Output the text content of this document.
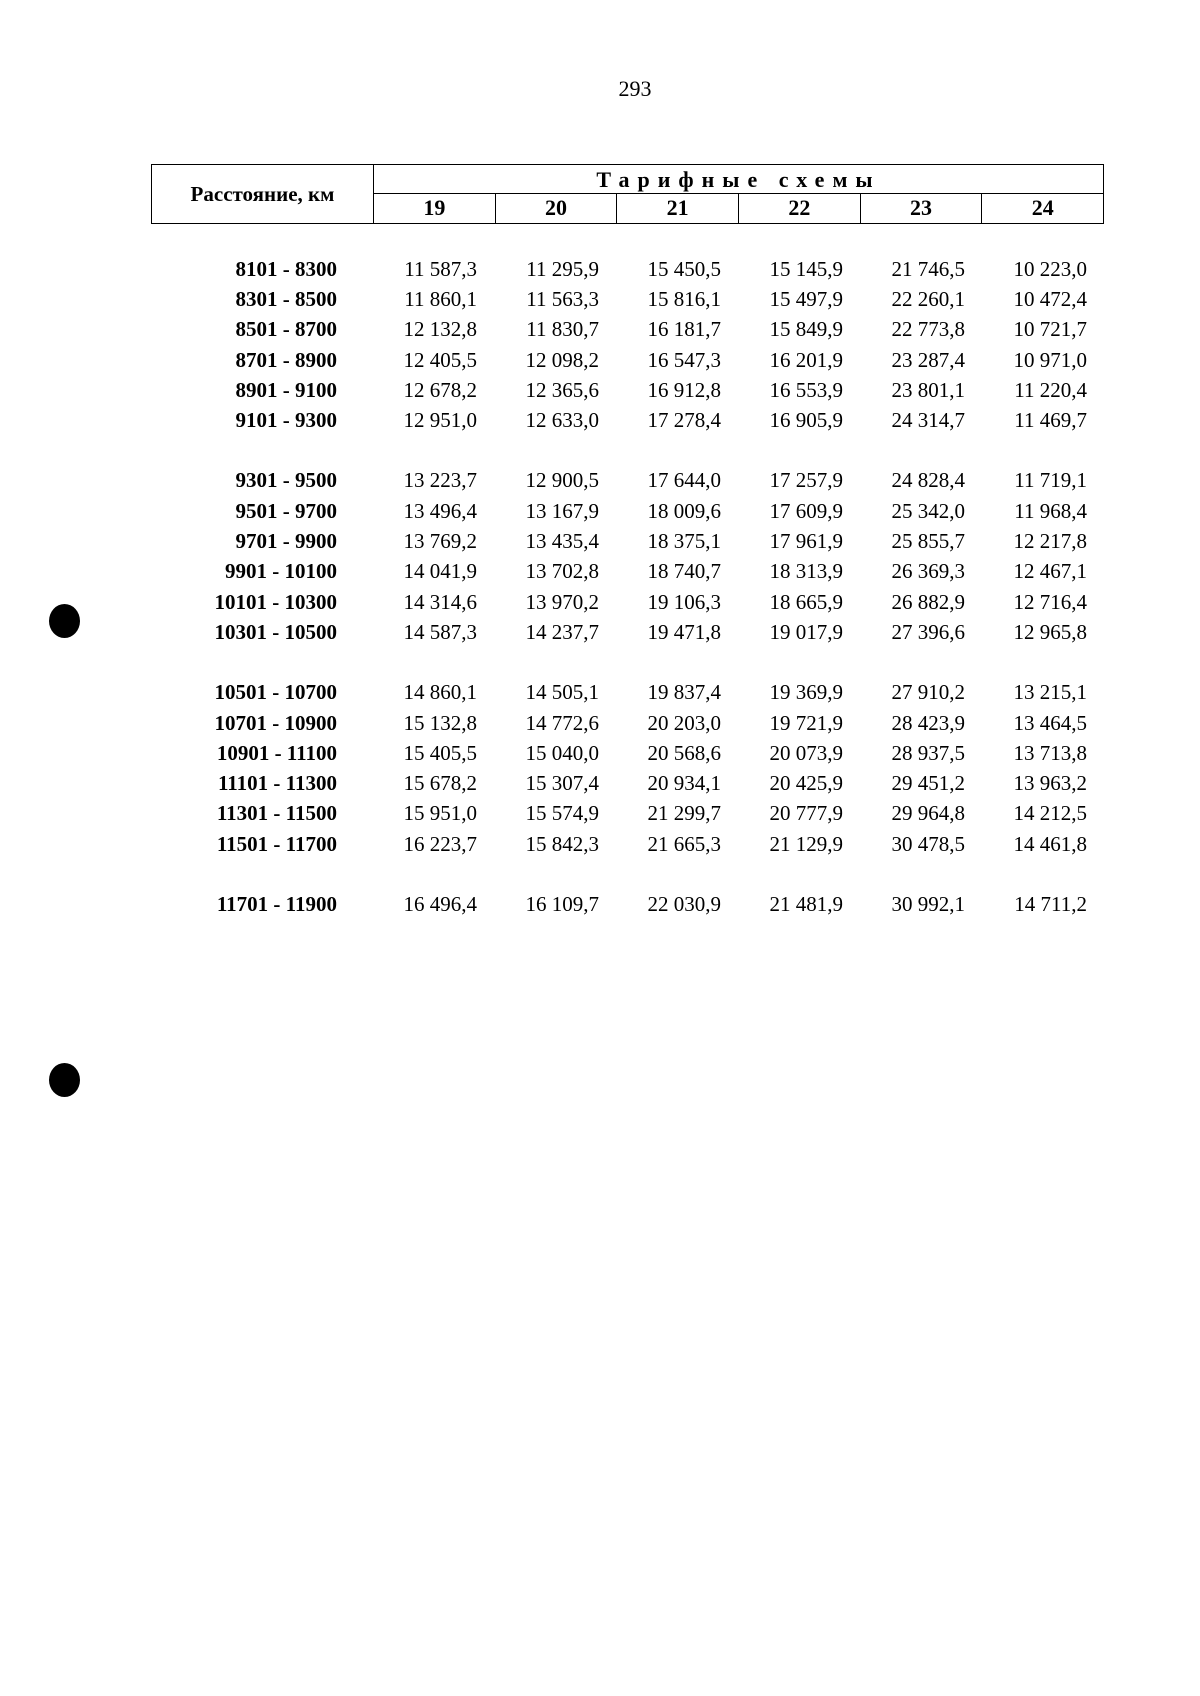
293
Расстояние, км
Тарифные схемы
19	20	21	22	23	24
8101 - 8300	11 587,3	11 295,9	15 450,5	15 145,9	21 746,5	10 223,0
8301 - 8500	11 860,1	11 563,3	15 816,1	15 497,9	22 260,1	10 472,4
8501 - 8700	12 132,8	11 830,7	16 181,7	15 849,9	22 773,8	10 721,7
8701 - 8900	12 405,5	12 098,2	16 547,3	16 201,9	23 287,4	10 971,0
8901 - 9100	12 678,2	12 365,6	16 912,8	16 553,9	23 801,1	11 220,4
9101 - 9300	12 951,0	12 633,0	17 278,4	16 905,9	24 314,7	11 469,7
9301 - 9500	13 223,7	12 900,5	17 644,0	17 257,9	24 828,4	11 719,1
9501 - 9700	13 496,4	13 167,9	18 009,6	17 609,9	25 342,0	11 968,4
9701 - 9900	13 769,2	13 435,4	18 375,1	17 961,9	25 855,7	12 217,8
9901 - 10100	14 041,9	13 702,8	18 740,7	18 313,9	26 369,3	12 467,1
10101 - 10300	14 314,6	13 970,2	19 106,3	18 665,9	26 882,9	12 716,4
10301 - 10500	14 587,3	14 237,7	19 471,8	19 017,9	27 396,6	12 965,8
10501 - 10700	14 860,1	14 505,1	19 837,4	19 369,9	27 910,2	13 215,1
10701 - 10900	15 132,8	14 772,6	20 203,0	19 721,9	28 423,9	13 464,5
10901 - 11100	15 405,5	15 040,0	20 568,6	20 073,9	28 937,5	13 713,8
11101 - 11300	15 678,2	15 307,4	20 934,1	20 425,9	29 451,2	13 963,2
11301 - 11500	15 951,0	15 574,9	21 299,7	20 777,9	29 964,8	14 212,5
11501 - 11700	16 223,7	15 842,3	21 665,3	21 129,9	30 478,5	14 461,8
11701 - 11900	16 496,4	16 109,7	22 030,9	21 481,9	30 992,1	14 711,2
